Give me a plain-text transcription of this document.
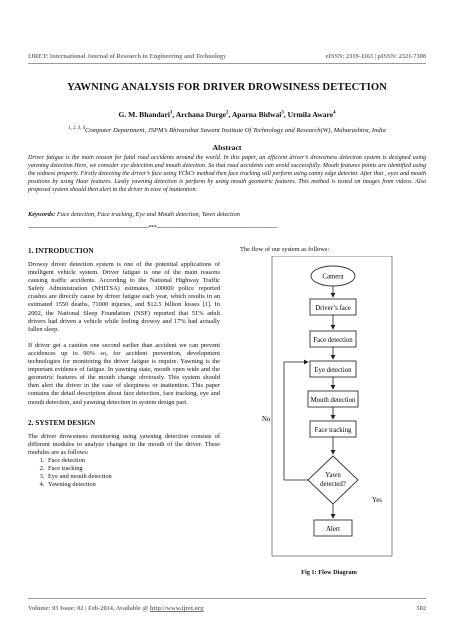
IJRET: International Journal of Research in Engineering and Technology	eISSN: 2319-1163 | pISSN: 2321-7308
YAWNING ANALYSIS FOR DRIVER DROWSINESS DETECTION
G. M. Bhandari$^1$, Archana Durge$^2$, Aparna Bidwai$^3$, Urmila Aware$^4$
$^{1, 2, 3, 4}$Computer Department, JSPM’s Bhivarabai Sawant Institute Of Technology and Research(W), Maharashtra, India
Abstract
Driver fatigue is the main reason for fatal road accidents around the world. In this paper, an efficient driver’s drowsiness detection system is designed using yawning detection.Here, we consider eye detection and mouth detection. So that road accidents can avoid successfully. Mouth features points are identified using the redness property. Firstly detecting the driver’s face using YCbCr method then face tracking will perform using canny edge detector. After that , eyes and mouth positions by using Haar features. Lastly yawning detection is perform by using mouth geometric features. This method is tested on images from videos. Also proposed system should then alert to the driver in case of inattention.
Keywords: Face detection, Face tracking, Eye and Mouth detection, Yawn detection
-----------------------------------------------------------------------***-----------------------------------------------------------------------
1. INTRODUCTION
Drowsy driver detection system is one of the potential applications of intelligent vehicle system. Driver fatigue is one of the main reasons causing traffic accidents. According to the National Highway Traffic Safety Administration (NHITSA) estimates, 100000 police reported crashes are directly cause by driver fatigue each year, which results in an estimated 1550 deaths, 71000 injuries, and $12.5 billion losses [1]. In 2002, the National Sleep Foundation (NSF) reported that 51% adult drivers had driven a vehicle while feeling drowsy and 17% had actually fallen sleep.
If driver get a caution one second earlier than accident we can prevent accidences up to 90% so, for accident prevention, development technologies for monitoring the driver fatigue is require. Yawning is the important evidence of fatigue. In yawning state, mouth open wide and the geometric features of the mouth change obviously. This system should then alert the driver in the case of sleepiness or inattention. This paper contains the detail description about face detection, face tracking, eye and mouth detection, and yawning detection in system design part.
2. SYSTEM DESIGN
The driver drowsiness monitoring using yawning detection consists of different modules to analyze changes in the mouth of the driver. These modules are as follows:
1. Face detection
2. Face tracking
3. Eye and mouth detection
4. Yawning detection
The flow of our system as follows:
Camera
Driver’s face
Face detection
Eye detection
Mouth detection
Face tracking
Yawn
detected?
No
Yes
Alert
Fig 1: Flow Diagram
Volume: 03 Issue: 02 | Feb-2014, Available @ http://www.ijret.org	502
